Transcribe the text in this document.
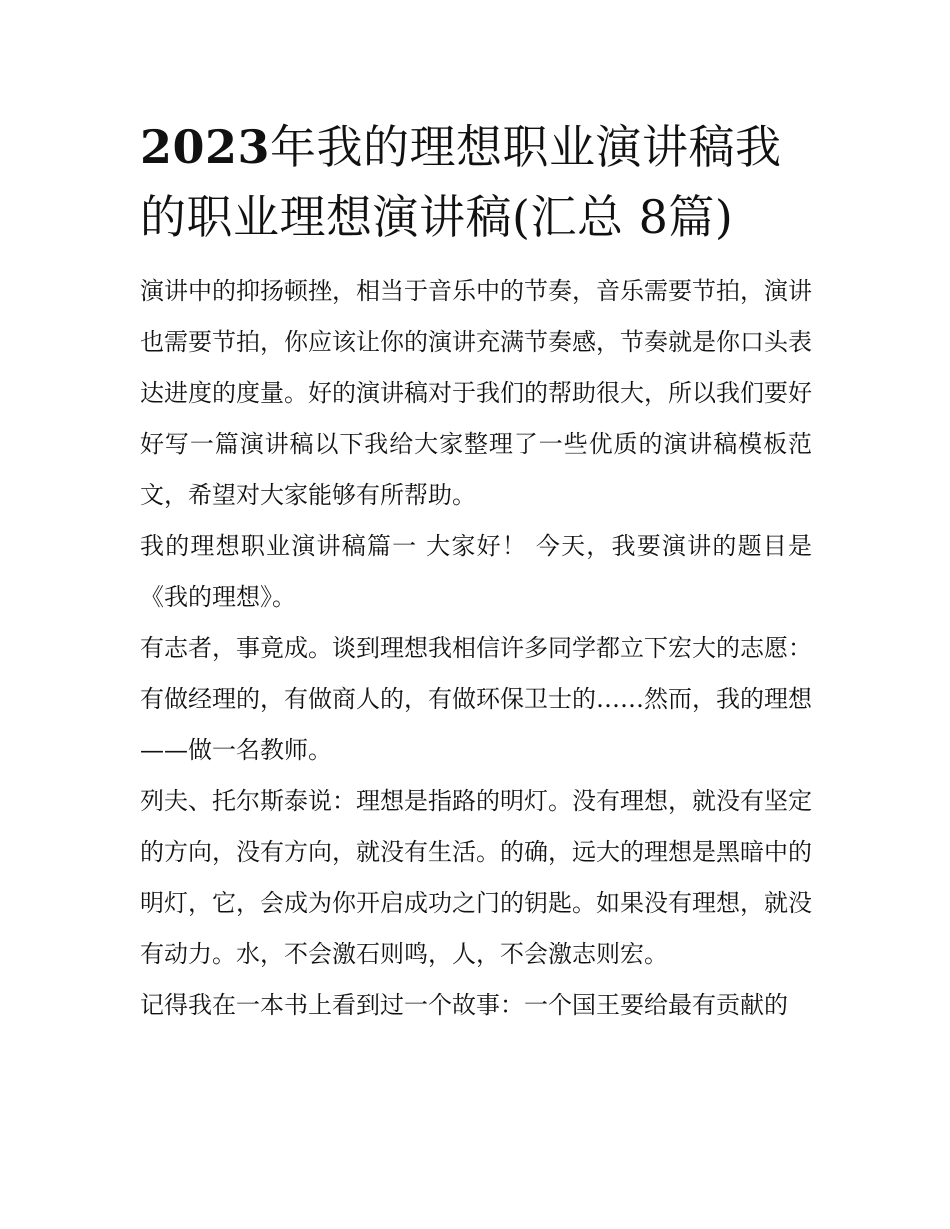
2023年我的理想职业演讲稿我的职业理想演讲稿(汇总 8篇)

演讲中的抑扬顿挫，相当于音乐中的节奏，音乐需要节拍，演讲也需要节拍，你应该让你的演讲充满节奏感，节奏就是你口头表达进度的度量。好的演讲稿对于我们的帮助很大，所以我们要好好写一篇演讲稿以下我给大家整理了一些优质的演讲稿模板范文，希望对大家能够有所帮助。

我的理想职业演讲稿篇一 大家好！ 今天，我要演讲的题目是《我的理想》。

有志者，事竟成。谈到理想我相信许多同学都立下宏大的志愿：有做经理的，有做商人的，有做环保卫士的……然而，我的理想——做一名教师。

列夫、托尔斯泰说：理想是指路的明灯。没有理想，就没有坚定的方向，没有方向，就没有生活。的确，远大的理想是黑暗中的明灯，它，会成为你开启成功之门的钥匙。如果没有理想，就没有动力。水，不会激石则鸣，人，不会激志则宏。

记得我在一本书上看到过一个故事：一个国王要给最有贡献的
